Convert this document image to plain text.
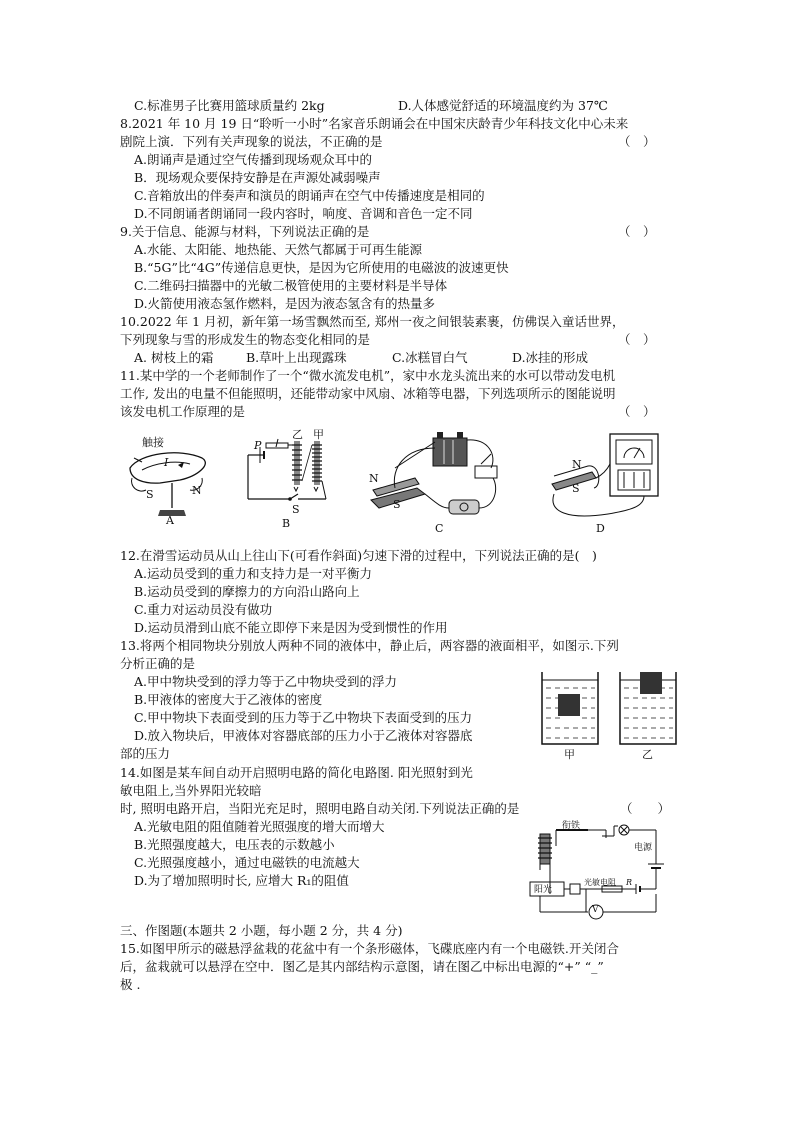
C.标准男子比赛用篮球质量约 2kg	D.人体感觉舒适的环境温度约为 37℃
8.2021 年 10 月 19 日“聆听一小时”名家音乐朗诵会在中国宋庆龄青少年科技文化中心未来
剧院上演．下列有关声现象的说法，不正确的是	（　）
A.朗诵声是通过空气传播到现场观众耳中的
B．现场观众要保持安静是在声源处减弱噪声
C.音箱放出的伴奏声和演员的朗诵声在空气中传播速度是相同的
D.不同朗诵者朗诵同一段内容时，响度、音调和音色一定不同
9.关于信息、能源与材料，下列说法正确的是	（　）
A.水能、太阳能、地热能、天然气都属于可再生能源
B.“5G”比“4G”传递信息更快，是因为它所使用的电磁波的波速更快
C.二维码扫描器中的光敏二极管使用的主要材料是半导体
D.火箭使用液态氢作燃料，是因为液态氢含有的热量多
10.2022 年 1 月初，新年第一场雪飘然而至, 郑州一夜之间银装素裹，仿佛误入童话世界，
下列现象与雪的形成发生的物态变化相同的是	（　）
A. 树枝上的霜	B.草叶上出现露珠	C.冰糕冒白气	D.冰挂的形成
11.某中学的一个老师制作了一个“微水流发电机”，家中水龙头流出来的水可以带动发电机
工作, 发出的电量不但能照明，还能带动家中风扇、冰箱等电器，下列选项所示的图能说明
该发电机工作原理的是	（　）
触接
I
S	N
A
P
乙 甲
S
B
N
S
C
N
S
D
12.在滑雪运动员从山上往山下(可看作斜面)匀速下滑的过程中，下列说法正确的是(　)
A.运动员受到的重力和支持力是一对平衡力
B.运动员受到的摩擦力的方向沿山路向上
C.重力对运动员没有做功
D.运动员滑到山底不能立即停下来是因为受到惯性的作用
13.将两个相同物块分别放人两种不同的液体中，静止后，两容器的液面相平，如图示.下列
分析正确的是
A.甲中物块受到的浮力等于乙中物块受到的浮力
B.甲液体的密度大于乙液体的密度
C.甲中物块下表面受到的压力等于乙中物块下表面受到的压力
D.放入物块后，甲液体对容器底部的压力小于乙液体对容器底
部的压力	甲	乙
14.如图是某车间自动开启照明电路的简化电路图. 阳光照射到光
敏电阻上,当外界阳光较暗
时, 照明电路开启，当阳光充足时，照明电路自动关闭.下列说法正确的是	（　　）
A.光敏电阻的阻值随着光照强度的增大而增大
B.光照强度越大，电压表的示数越小
C.光照强度越小，通过电磁铁的电流越大
D.为了增加照明时长, 应增大 R₁的阻值
衔铁
电源
阳光
光敏电阻 R
V
三、作图题(本题共 2 小题，每小题 2 分，共 4 分)
15.如图甲所示的磁悬浮盆栽的花盆中有一个条形磁体，飞碟底座内有一个电磁铁.开关闭合
后，盆栽就可以悬浮在空中．图乙是其内部结构示意图，请在图乙中标出电源的“+” “_”
极 .
